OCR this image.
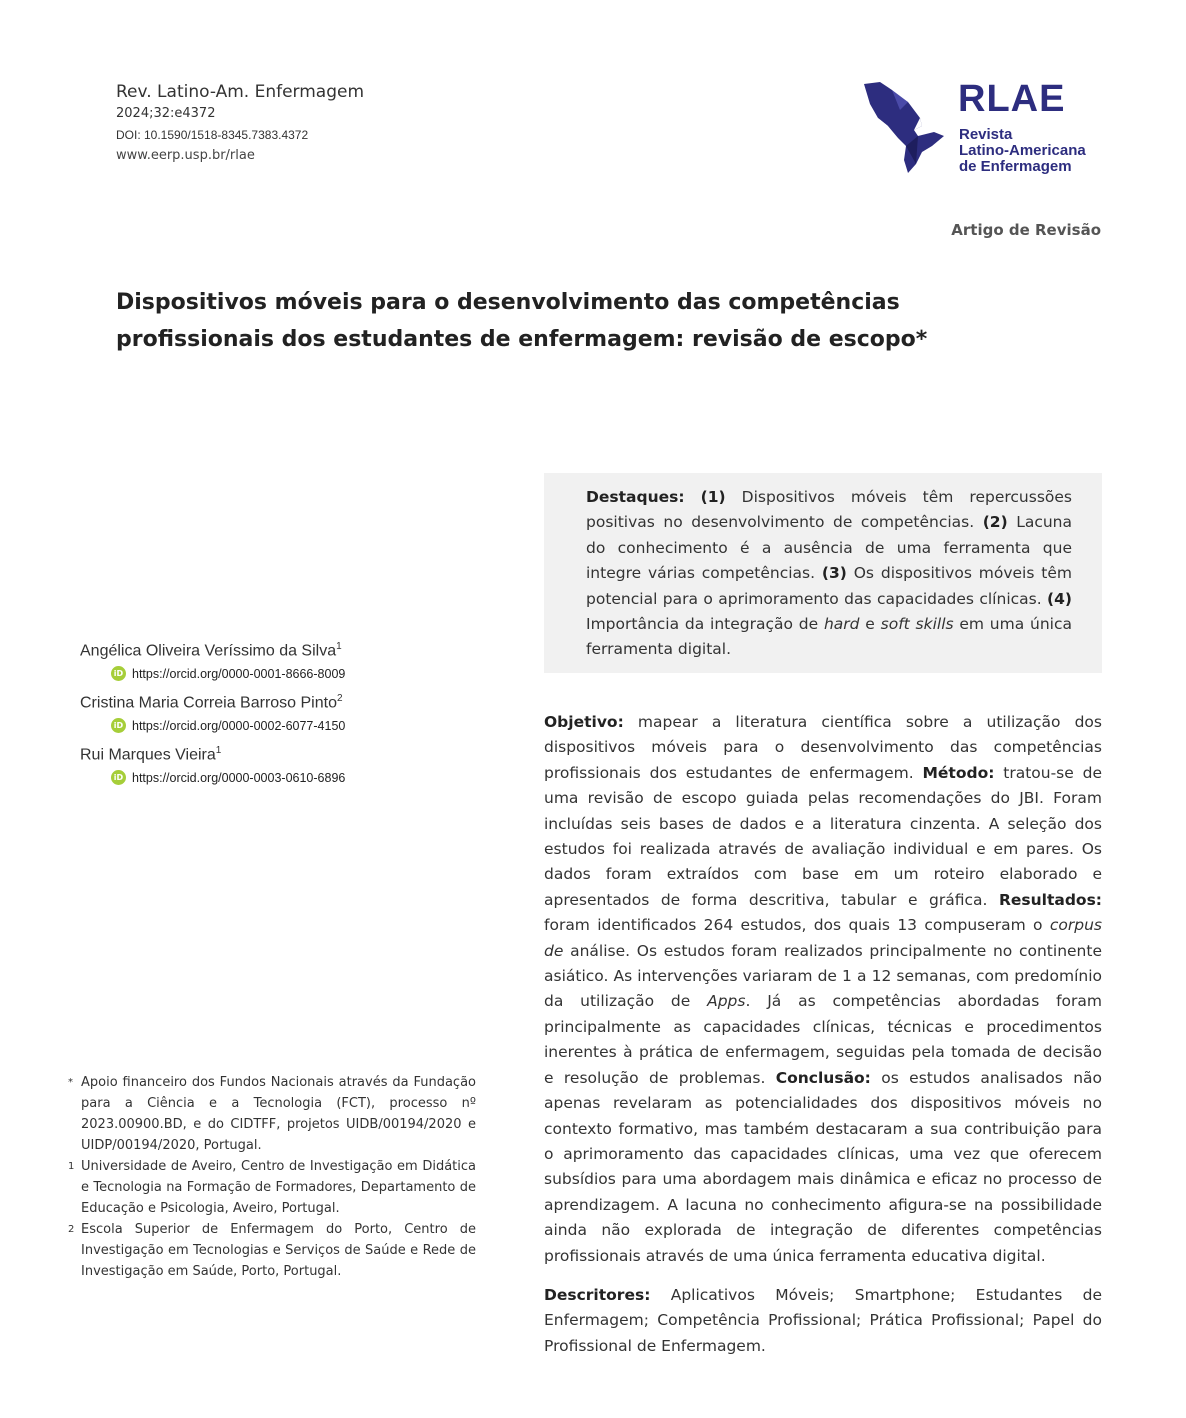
Rev. Latino-Am. Enfermagem
2024;32:e4372
DOI: 10.1590/1518-8345.7383.4372
www.eerp.usp.br/rlae
RLAE
Revista
Latino-Americana
de Enfermagem
Artigo de Revisão
Dispositivos móveis para o desenvolvimento das competências
profissionais dos estudantes de enfermagem: revisão de escopo*
Destaques: (1) Dispositivos móveis têm repercussões positivas no desenvolvimento de competências. (2) Lacuna do conhecimento é a ausência de uma ferramenta que integre várias competências. (3) Os dispositivos móveis têm potencial para o aprimoramento das capacidades clínicas. (4) Importância da integração de hard e soft skills em uma única ferramenta digital.
Angélica Oliveira Veríssimo da Silva$^1$
iD https://orcid.org/0000-0001-8666-8009
Cristina Maria Correia Barroso Pinto$^2$
iD https://orcid.org/0000-0002-6077-4150
Rui Marques Vieira$^1$
iD https://orcid.org/0000-0003-0610-6896
Objetivo: mapear a literatura científica sobre a utilização dos dispositivos móveis para o desenvolvimento das competências profissionais dos estudantes de enfermagem. Método: tratou-se de uma revisão de escopo guiada pelas recomendações do JBI. Foram incluídas seis bases de dados e a literatura cinzenta. A seleção dos estudos foi realizada através de avaliação individual e em pares. Os dados foram extraídos com base em um roteiro elaborado e apresentados de forma descritiva, tabular e gráfica. Resultados: foram identificados 264 estudos, dos quais 13 compuseram o corpus de análise. Os estudos foram realizados principalmente no continente asiático. As intervenções variaram de 1 a 12 semanas, com predomínio da utilização de Apps. Já as competências abordadas foram principalmente as capacidades clínicas, técnicas e procedimentos inerentes à prática de enfermagem, seguidas pela tomada de decisão e resolução de problemas. Conclusão: os estudos analisados não apenas revelaram as potencialidades dos dispositivos móveis no contexto formativo, mas também destacaram a sua contribuição para o aprimoramento das capacidades clínicas, uma vez que oferecem subsídios para uma abordagem mais dinâmica e eficaz no processo de aprendizagem. A lacuna no conhecimento afigura-se na possibilidade ainda não explorada de integração de diferentes competências profissionais através de uma única ferramenta educativa digital.
Descritores: Aplicativos Móveis; Smartphone; Estudantes de Enfermagem; Competência Profissional; Prática Profissional; Papel do Profissional de Enfermagem.
* Apoio financeiro dos Fundos Nacionais através da Fundação para a Ciência e a Tecnologia (FCT), processo nº 2023.00900.BD, e do CIDTFF, projetos UIDB/00194/2020 e UIDP/00194/2020, Portugal.
1 Universidade de Aveiro, Centro de Investigação em Didática e Tecnologia na Formação de Formadores, Departamento de Educação e Psicologia, Aveiro, Portugal.
2 Escola Superior de Enfermagem do Porto, Centro de Investigação em Tecnologias e Serviços de Saúde e Rede de Investigação em Saúde, Porto, Portugal.
